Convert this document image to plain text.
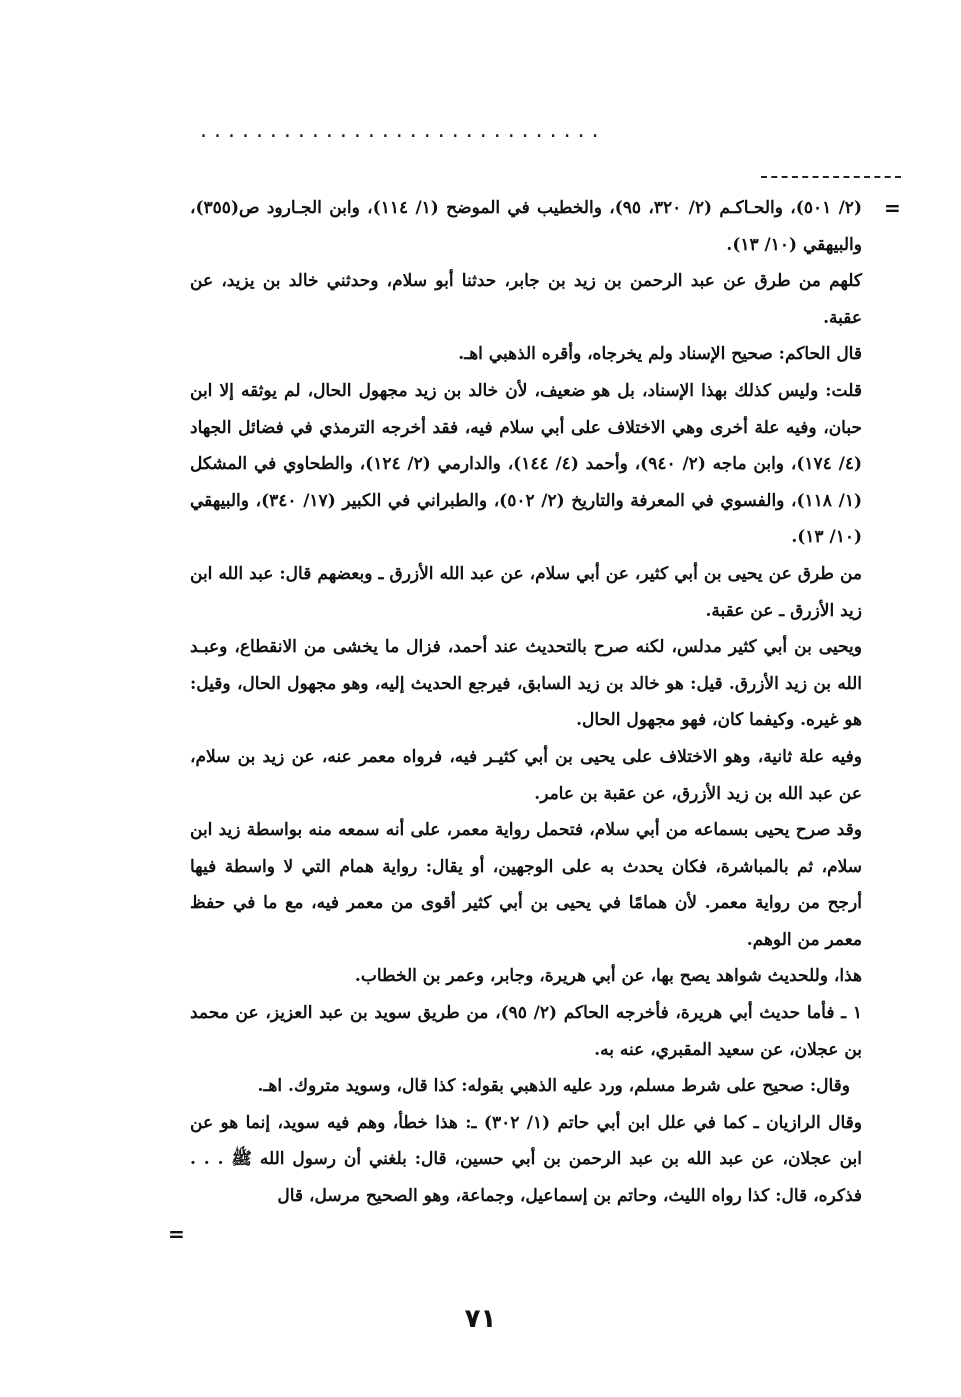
. . . . . . . . . . . . . . . . . . . . . . . . . . . . .
=

(٢/ ٥٠١)، والحـاكـم (٢/ ٣٢٠، ٩٥)، والخطيب في الموضح (١/ ١١٤)، وابن الجـارود ص(٣٥٥)، والبيهقي (١٠/ ١٣).

كلهم من طرق عن عبد الرحمن بن زيد بن جابر، حدثنا أبو سلام، وحدثني خالد بن يزيد، عن عقبة.

قال الحاكم: صحيح الإسناد ولم يخرجاه، وأقره الذهبي اهـ.

قلت: وليس كذلك بهذا الإسناد، بل هو ضعيف، لأن خالد بن زيد مجهول الحال، لم يوثقه إلا ابن حبان، وفيه علة أخرى وهي الاختلاف على أبي سلام فيه، فقد أخرجه الترمذي في فضائل الجهاد (٤/ ١٧٤)، وابن ماجه (٢/ ٩٤٠)، وأحمد (٤/ ١٤٤)، والدارمي (٢/ ١٢٤)، والطحاوي في المشكل (١/ ١١٨)، والفسوي في المعرفة والتاريخ (٢/ ٥٠٢)، والطبراني في الكبير (١٧/ ٣٤٠)، والبيهقي (١٠/ ١٣).

من طرق عن يحيى بن أبي كثير، عن أبي سلام، عن عبد الله الأزرق ـ وبعضهم قال: عبد الله ابن زيد الأزرق ـ عن عقبة.

ويحيى بن أبي كثير مدلس، لكنه صرح بالتحديث عند أحمد، فزال ما يخشى من الانقطاع، وعبـد الله بن زيد الأزرق. قيل: هو خالد بن زيد السابق، فيرجع الحديث إليه، وهو مجهول الحال، وقيل: هو غيره. وكيفما كان، فهو مجهول الحال.

وفيه علة ثانية، وهو الاختلاف على يحيى بن أبي كثيـر فيه، فرواه معمر عنه، عن زيد بن سلام، عن عبد الله بن زيد الأزرق، عن عقبة بن عامر.

وقد صرح يحيى بسماعه من أبي سلام، فتحمل رواية معمر، على أنه سمعه منه بواسطة زيد ابن سلام، ثم بالمباشرة، فكان يحدث به على الوجهين، أو يقال: رواية همام التي لا واسطة فيها أرجح من رواية معمر. لأن همامًا في يحيى بن أبي كثير أقوى من معمر فيه، مع ما في حفظ معمر من الوهم.

هذا، وللحديث شواهد يصح بها، عن أبي هريرة، وجابر، وعمر بن الخطاب.

١ ـ فأما حديث أبي هريرة، فأخرجه الحاكم (٢/ ٩٥)، من طريق سويد بن عبد العزيز، عن محمد بن عجلان، عن سعيد المقبري، عنه به.

وقال: صحيح على شرط مسلم، ورد عليه الذهبي بقوله: كذا قال، وسويد متروك. اهـ.

وقال الرازيان ـ كما في علل ابن أبي حاتم (١/ ٣٠٢) ـ: هذا خطأ، وهم فيه سويد، إنما هو عن ابن عجلان، عن عبد الله بن عبد الرحمن بن أبي حسين، قال: بلغني أن رسول الله ﷺ . . . فذكره، قال: كذا رواه الليث، وحاتم بن إسماعيل، وجماعة، وهو الصحيح مرسل، قال

=
٧١
